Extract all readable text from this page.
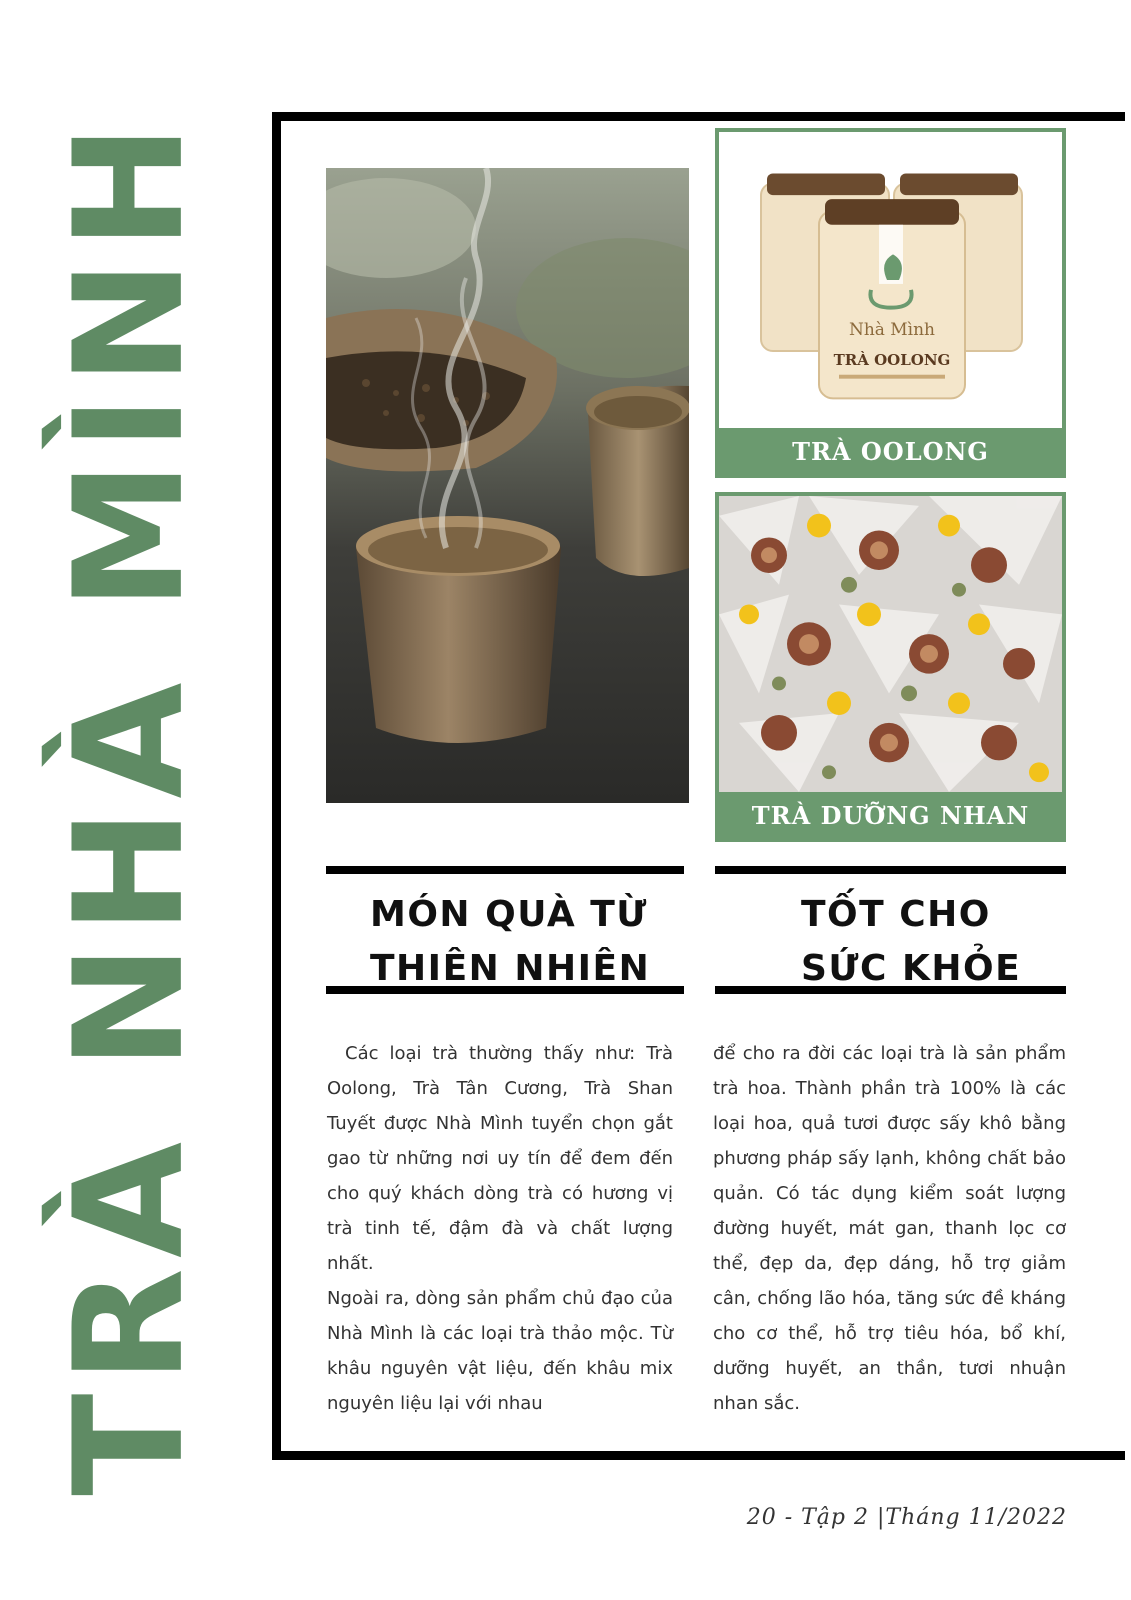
TRÀ NHÀ MÌNH	Nhà Mình
TRÀ OOLONG
TRÀ OOLONG
TRÀ DƯỠNG NHAN
MÓN QUÀ TỪ
THIÊN NHIÊN
TỐT CHO
SỨC KHỎE

Các loại trà thường thấy như: Trà Oolong, Trà Tân Cương, Trà Shan Tuyết được Nhà Mình tuyển chọn gắt gao từ những nơi uy tín để đem đến cho quý khách dòng trà có hương vị trà tinh tế, đậm đà và chất lượng nhất.

Ngoài ra, dòng sản phẩm chủ đạo của Nhà Mình là các loại trà thảo mộc. Từ khâu nguyên vật liệu, đến khâu mix nguyên liệu lại với nhau

để cho ra đời các loại trà là sản phẩm trà hoa. Thành phần trà 100% là các loại hoa, quả tươi được sấy khô bằng phương pháp sấy lạnh, không chất bảo quản. Có tác dụng kiểm soát lượng đường huyết, mát gan, thanh lọc cơ thể, đẹp da, đẹp dáng, hỗ trợ giảm cân, chống lão hóa, tăng sức đề kháng cho cơ thể, hỗ trợ tiêu hóa, bổ khí, dưỡng huyết, an thần, tươi nhuận nhan sắc.

20 - Tập 2 |Tháng 11/2022
